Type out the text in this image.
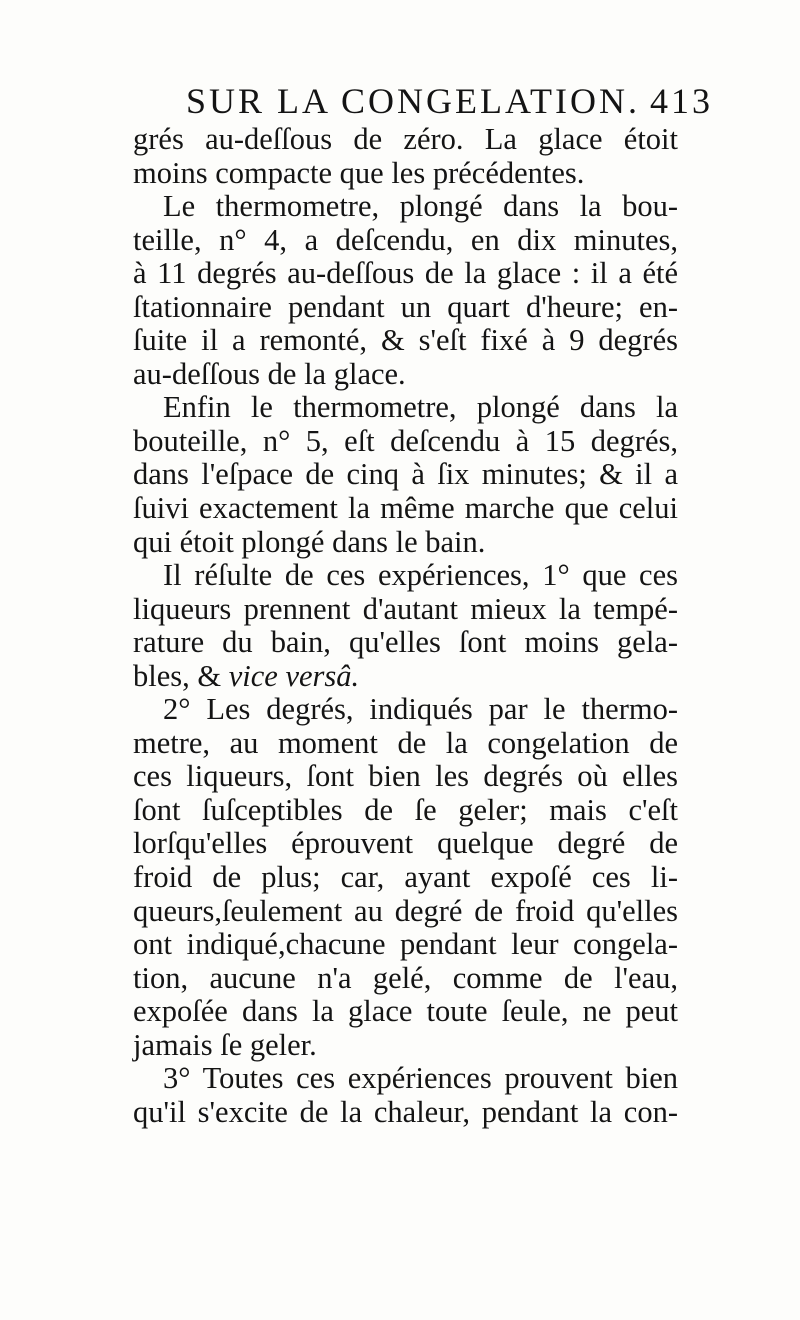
SUR LA CONGELATION. 413
grés au-deſſous de zéro. La glace étoit
moins compacte que les précédentes.
Le thermometre, plongé dans la bou-
teille, n° 4, a deſcendu, en dix minutes,
à 11 degrés au-deſſous de la glace : il a été
ſtationnaire pendant un quart d'heure; en-
ſuite il a remonté, & s'eſt fixé à 9 degrés
au-deſſous de la glace.
Enfin le thermometre, plongé dans la
bouteille, n° 5, eſt deſcendu à 15 degrés,
dans l'eſpace de cinq à ſix minutes; & il a
ſuivi exactement la même marche que celui
qui étoit plongé dans le bain.
Il réſulte de ces expériences, 1° que ces
liqueurs prennent d'autant mieux la tempé-
rature du bain, qu'elles ſont moins gela-
bles, & vice versâ.
2° Les degrés, indiqués par le thermo-
metre, au moment de la congelation de
ces liqueurs, ſont bien les degrés où elles
ſont ſuſceptibles de ſe geler; mais c'eſt
lorſqu'elles éprouvent quelque degré de
froid de plus; car, ayant expoſé ces li-
queurs,ſeulement au degré de froid qu'elles
ont indiqué,chacune pendant leur congela-
tion, aucune n'a gelé, comme de l'eau,
expoſée dans la glace toute ſeule, ne peut
jamais ſe geler.
3° Toutes ces expériences prouvent bien
qu'il s'excite de la chaleur, pendant la con-
